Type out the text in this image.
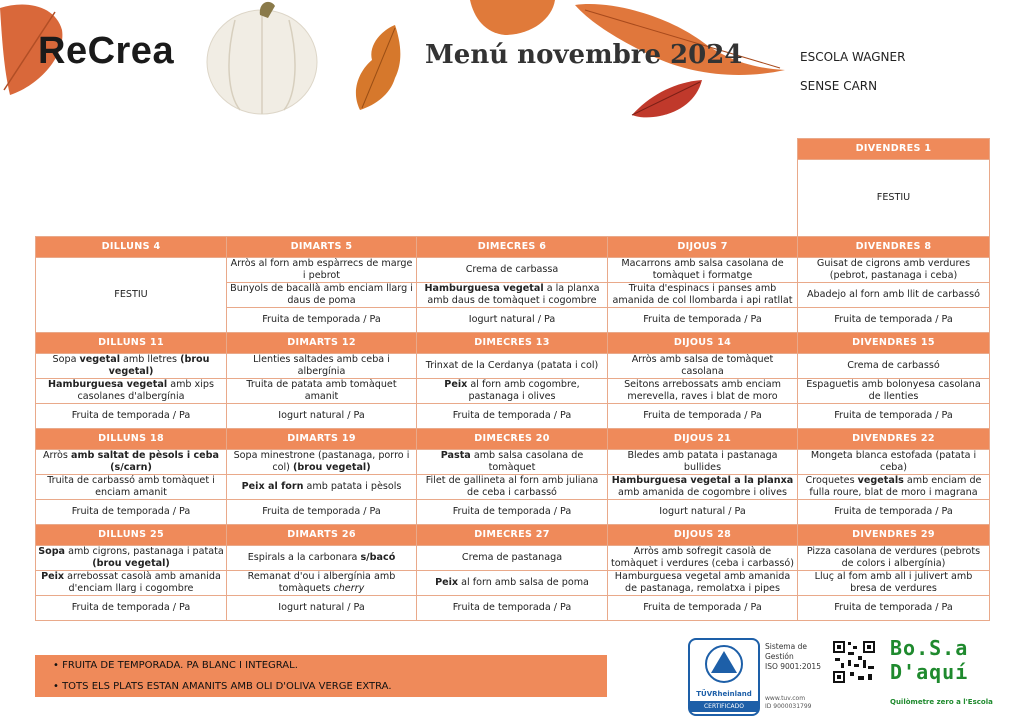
ReCrea	Menú novembre 2024	ESCOLA WAGNER
SENSE CARN
				DIVENDRES 1
				FESTIU
DILLUNS 4	DIMARTS 5	DIMECRES 6	DIJOUS 7	DIVENDRES 8
FESTIU	Arròs al forn amb espàrrecs de marge i pebrot	Crema de carbassa	Macarrons amb salsa casolana de tomàquet i formatge	Guisat de cigrons amb verdures (pebrot, pastanaga i ceba)
	Bunyols de bacallà amb enciam llarg i daus de poma	Hamburguesa vegetal a la planxa amb daus de tomàquet i cogombre	Truita d'espinacs i panses amb amanida de col llombarda i api ratllat	Abadejo al forn amb llit de carbassó
	Fruita de temporada / Pa	Iogurt natural / Pa	Fruita de temporada / Pa	Fruita de temporada / Pa
DILLUNS 11	DIMARTS 12	DIMECRES 13	DIJOUS 14	DIVENDRES 15
Sopa vegetal amb lletres (brou vegetal)	Llenties saltades amb ceba i albergínia	Trinxat de la Cerdanya (patata i col)	Arròs amb salsa de tomàquet casolana	Crema de carbassó
Hamburguesa vegetal amb xips casolanes d'albergínia	Truita de patata amb tomàquet amanit	Peix al forn amb cogombre, pastanaga i olives	Seitons arrebossats amb enciam merevella, raves i blat de moro	Espaguetis amb bolonyesa casolana de llenties
Fruita de temporada / Pa	Iogurt natural / Pa	Fruita de temporada / Pa	Fruita de temporada / Pa	Fruita de temporada / Pa
DILLUNS 18	DIMARTS 19	DIMECRES 20	DIJOUS 21	DIVENDRES 22
Arròs amb saltat de pèsols i ceba (s/carn)	Sopa minestrone (pastanaga, porro i col) (brou vegetal)	Pasta amb salsa casolana de tomàquet	Bledes amb patata i pastanaga bullides	Mongeta blanca estofada (patata i ceba)
Truita de carbassó amb tomàquet i enciam amanit	Peix al forn amb patata i pèsols	Filet de gallineta al forn amb juliana de ceba i carbassó	Hamburguesa vegetal a la planxa amb amanida de cogombre i olives	Croquetes vegetals amb enciam de fulla roure, blat de moro i magrana
Fruita de temporada / Pa	Fruita de temporada / Pa	Fruita de temporada / Pa	Iogurt natural / Pa	Fruita de temporada / Pa
DILLUNS 25	DIMARTS 26	DIMECRES 27	DIJOUS 28	DIVENDRES 29
Sopa amb cigrons, pastanaga i patata (brou vegetal)	Espirals a la carbonara s/bacó	Crema de pastanaga	Arròs amb sofregit casolà de tomàquet i verdures (ceba i carbassó)	Pizza casolana de verdures (pebrots de colors i albergínia)
Peix arrebossat casolà amb amanida d'enciam llarg i cogombre	Remanat d'ou i albergínia amb tomàquets cherry	Peix al forn amb salsa de poma	Hamburguesa vegetal amb amanida de pastanaga, remolatxa i pipes	Lluç al fom amb all i julivert amb bresa de verdures
Fruita de temporada / Pa	Iogurt natural / Pa	Fruita de temporada / Pa	Fruita de temporada / Pa	Fruita de temporada / Pa
• FRUITA DE TEMPORADA. PA BLANC I INTEGRAL.
• TOTS ELS PLATS ESTAN AMANITS AMB OLI D'OLIVA VERGE EXTRA.
TÜVRheinland
CERTIFICADO
Sistema de
Gestión
ISO 9001:2015
www.tuv.com
ID 9000031799
Bo.S.a D'aquí
Quilòmetre zero a l'Escola
